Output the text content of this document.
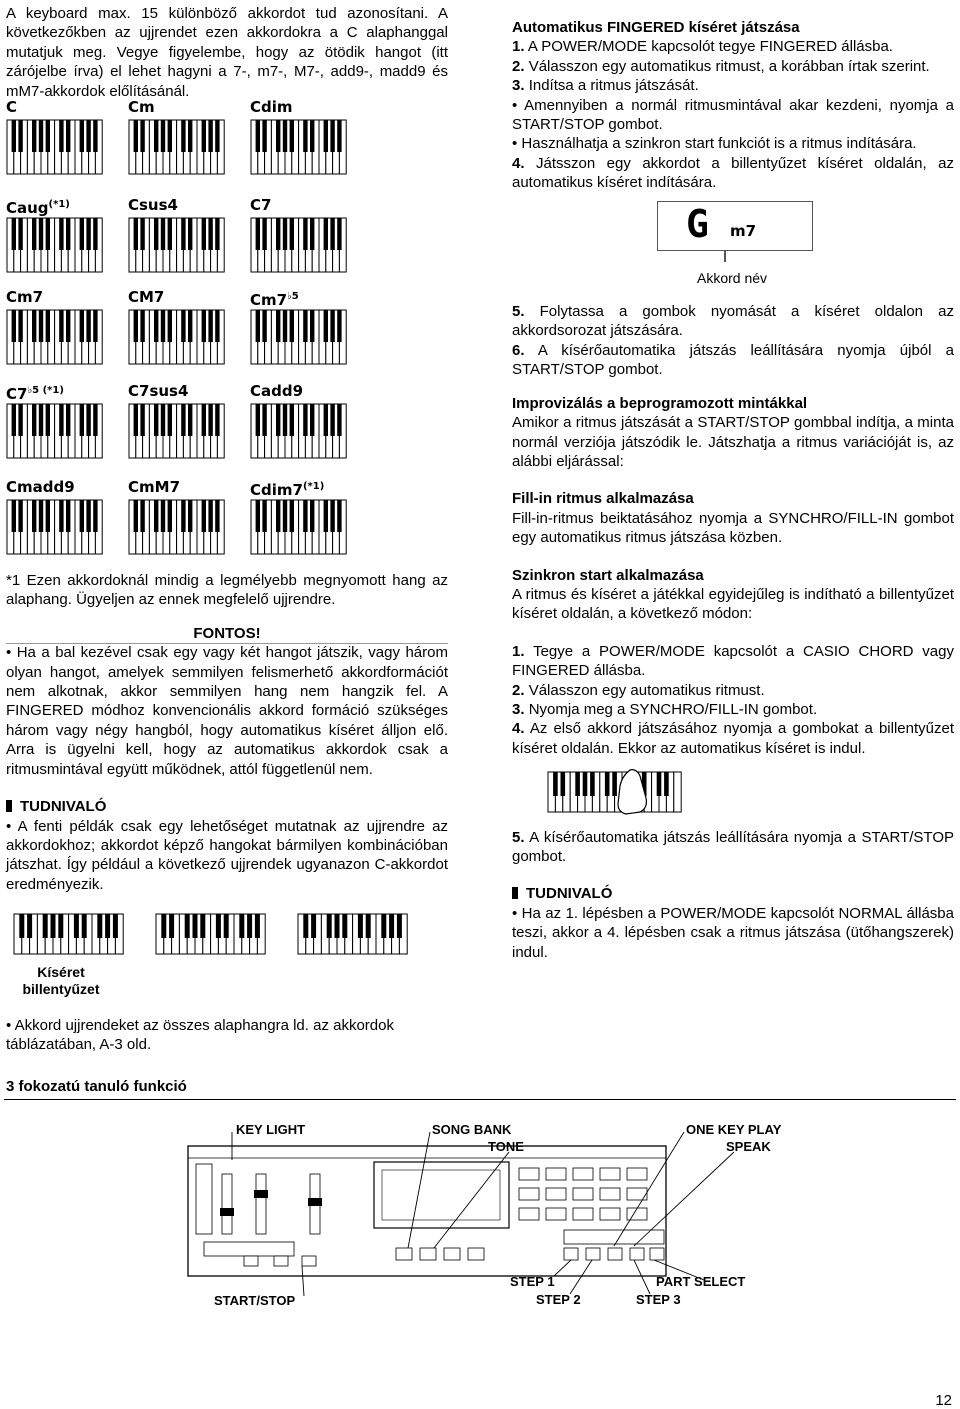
A keyboard max. 15 különböző akkordot tud azonosítani. A következőkben az ujjrendet ezen akkordokra a C alaphanggal mutatjuk meg. Vegye figyelembe, hogy az ötödik hangot (itt zárójelbe írva) el lehet hagyni a 7-, m7-, M7-, add9-, madd9 és mM7-akkordok előlításánál.

C	Cm	Cdim
Caug$^{(*1)}$	Csus4	C7
Cm7	CM7	$Cm7^{♭5}$
$C7^{♭5 (*1)}$	C7sus4	Cadd9
Cmadd9	CmM7	$Cdim7^{(*1)}$

*1 Ezen akkordoknál mindig a legmélyebb megnyomott hang az alaphang. Ügyeljen az ennek megfelelő ujjrendre.

FONTOS!

• Ha a bal kezével csak egy vagy két hangot játszik, vagy három olyan hangot, amelyek semmilyen felismerhető akkordformációt nem alkotnak, akkor semmilyen hang nem hangzik fel. A FINGERED módhoz konvencionális akkord formáció szükséges három vagy négy hangból, hogy automatikus kíséret álljon elő. Arra is ügyelni kell, hogy az automatikus akkordok csak a ritmusmintával együtt működnek, attól függetlenül nem.

TUDNIVALÓ

• A fenti példák csak egy lehetőséget mutatnak az ujjrendre az akkordokhoz; akkordot képző hangokat bármilyen kombinációban játszhat. Így például a következő ujjrendek ugyanazon C-akkordot eredményezik.

Kíséret
billentyűzet

• Akkord ujjrendeket az összes alaphangra ld. az akkordok táblázatában, A-3 old.

Automatikus FINGERED kíséret játszása

1. A POWER/MODE kapcsolót tegye FINGERED állásba.

2. Válasszon egy automatikus ritmust, a korábban írtak szerint.

3. Indítsa a ritmus játszását.

• Amennyiben a normál ritmusmintával akar kezdeni, nyomja a START/STOP gombot.

• Használhatja a szinkron start funkciót is a ritmus indítására.

4. Játsszon egy akkordot a billentyűzet kíséret oldalán, az automatikus kíséret indítására.

G m7
Akkord név

5. Folytassa a gombok nyomását a kíséret oldalon az akkordsorozat játszására.

6. A kísérőautomatika játszás leállítására nyomja újból a START/STOP gombot.

Improvizálás a beprogramozott mintákkal

Amikor a ritmus játszását a START/STOP gombbal indítja, a minta normál verziója játszódik le. Játszhatja a ritmus variációját is, az alábbi eljárással:

Fill-in ritmus alkalmazása

Fill-in-ritmus beiktatásához nyomja a SYNCHRO/FILL-IN gombot egy automatikus ritmus játszása közben.

Szinkron start alkalmazása

A ritmus és kíséret a játékkal egyidejűleg is indítható a billentyűzet kíséret oldalán, a következő módon:

1. Tegye a POWER/MODE kapcsolót a CASIO CHORD vagy FINGERED állásba.

2. Válasszon egy automatikus ritmust.

3. Nyomja meg a SYNCHRO/FILL-IN gombot.

4. Az első akkord játszásához nyomja a gombokat a billentyűzet kíséret oldalán. Ekkor az automatikus kíséret is indul.

5. A kísérőautomatika játszás leállítására nyomja a START/STOP gombot.

TUDNIVALÓ

• Ha az 1. lépésben a POWER/MODE kapcsolót NORMAL állásba teszi, akkor a 4. lépésben csak a ritmus játszása (ütőhangszerek) indul.

3 fokozatú tanuló funkció
KEY LIGHT	SONG BANK
TONE
ONE KEY PLAY
SPEAK
START/STOP
STEP 1
STEP 2	STEP 3
PART SELECT
12
